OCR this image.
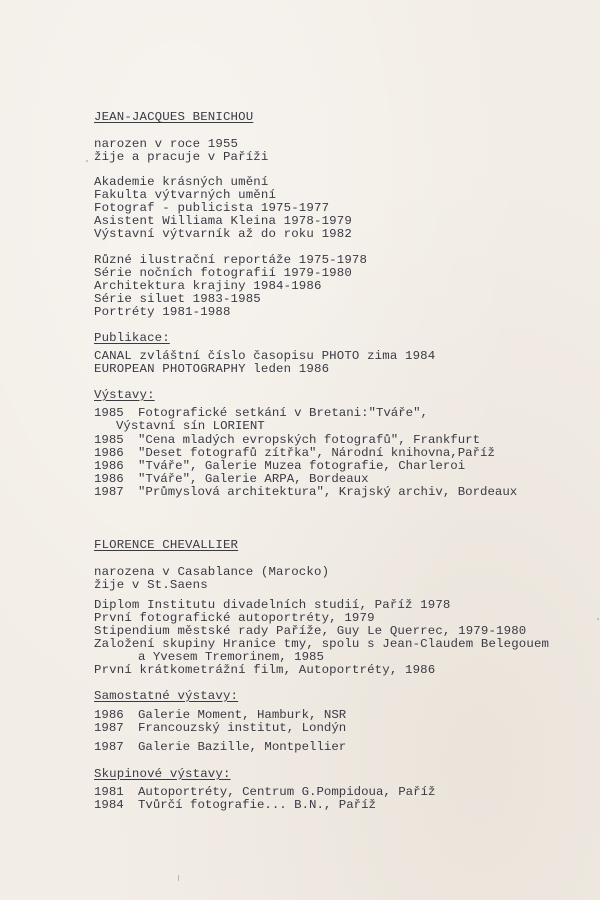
JEAN-JACQUES BENICHOU
narozen v roce 1955
žije a pracuje v Paříži
Akademie krásných umění
Fakulta výtvarných umění
Fotograf - publicista 1975-1977
Asistent Williama Kleina 1978-1979
Výstavní výtvarník až do roku 1982
Různé ilustrační reportáže 1975-1978
Série nočních fotografií 1979-1980
Architektura krajiny 1984-1986
Série siluet 1983-1985
Portréty 1981-1988
Publikace:
CANAL zvláštní číslo časopisu PHOTO zima 1984
EUROPEAN PHOTOGRAPHY leden 1986
Výstavy:
1985 Fotografické setkání v Bretani:"Tváře",
Výstavní sín LORIENT
1985 "Cena mladých evropských fotografů", Frankfurt
1986 "Deset fotografů zítřka", Národní knihovna,Paříž
1986 "Tváře", Galerie Muzea fotografie, Charleroi
1986 "Tváře", Galerie ARPA, Bordeaux
1987 "Průmyslová architektura", Krajský archiv, Bordeaux
FLORENCE CHEVALLIER
narozena v Casablance (Marocko)
žije v St.Saens
Diplom Institutu divadelních studií, Paříž 1978
První fotografické autoportréty, 1979
Stipendium městské rady Paříže, Guy Le Querrec, 1979-1980
Založení skupiny Hranice tmy, spolu s Jean-Claudem Belegouem
a Yvesem Tremorinem, 1985
První krátkometrážní film, Autoportréty, 1986
Samostatné výstavy:
1986 Galerie Moment, Hamburk, NSR
1987 Francouzský institut, Londýn
1987 Galerie Bazille, Montpellier
Skupinové výstavy:
1981 Autoportréty, Centrum G.Pompidoua, Paříž
1984 Tvůrčí fotografie... B.N., Paříž
